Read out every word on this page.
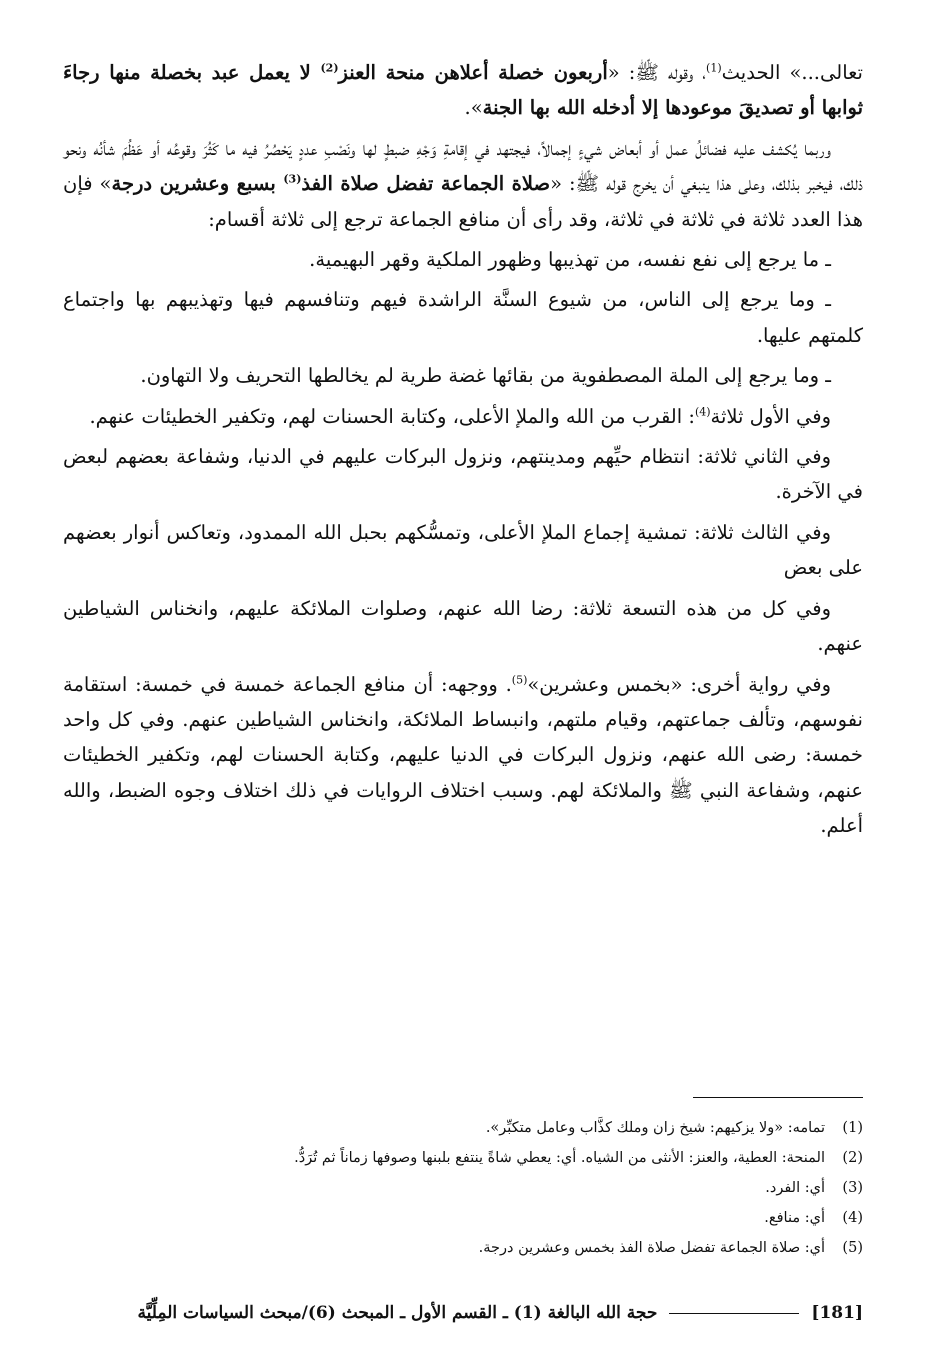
تعالى...» الحديث$^{(1)}$، وقوله ﷺ: «أربعون خصلة أعلاهن منحة العنز$^{(2)}$ لا يعمل عبد بخصلة منها رجاءَ ثوابها أو تصديقَ موعودها إلا أدخله الله بها الجنة».

وربما يُكشف عليه فضائلُ عمل أو أبعاض شيءٍ إجمالاً، فيجتهد في إقامةِ وَجْهِ ضبطٍ لها ونَصْبِ عددٍ يَحْصُرُ فيه ما كَثُرَ وقوعُه أو عَظُمَ شأنُه ونحو ذلك، فيخبر بذلك، وعلى هذا ينبغي أن يخرج قوله ﷺ: «صلاة الجماعة تفضل صلاة الفذ$^{(3)}$ بسبع وعشرين درجة» فإن هذا العدد ثلاثة في ثلاثة في ثلاثة، وقد رأى أن منافع الجماعة ترجع إلى ثلاثة أقسام:

ـ ما يرجع إلى نفع نفسه، من تهذيبها وظهور الملكية وقهر البهيمية.

ـ وما يرجع إلى الناس، من شيوع السنَّة الراشدة فيهم وتنافسهم فيها وتهذيبهم بها واجتماع كلمتهم عليها.

ـ وما يرجع إلى الملة المصطفوية من بقائها غضة طرية لم يخالطها التحريف ولا التهاون.

وفي الأول ثلاثة$^{(4)}$: القرب من الله والملإ الأعلى، وكتابة الحسنات لهم، وتكفير الخطيئات عنهم.

وفي الثاني ثلاثة: انتظام حيِّهم ومدينتهم، ونزول البركات عليهم في الدنيا، وشفاعة بعضهم لبعض في الآخرة.

وفي الثالث ثلاثة: تمشية إجماع الملإ الأعلى، وتمسُّكهم بحبل الله الممدود، وتعاكس أنوار بعضهم على بعض

وفي كل من هذه التسعة ثلاثة: رضا الله عنهم، وصلوات الملائكة عليهم، وانخناس الشياطين عنهم.

وفي رواية أخرى: «بخمس وعشرين»$^{(5)}$. ووجهه: أن منافع الجماعة خمسة في خمسة: استقامة نفوسهم، وتألف جماعتهم، وقيام ملتهم، وانبساط الملائكة، وانخناس الشياطين عنهم. وفي كل واحد خمسة: رضى الله عنهم، ونزول البركات في الدنيا عليهم، وكتابة الحسنات لهم، وتكفير الخطيئات عنهم، وشفاعة النبي ﷺ والملائكة لهم. وسبب اختلاف الروايات في ذلك اختلاف وجوه الضبط، والله أعلم.

(1)
تمامه: «ولا يزكيهم: شيخ زان وملك كذَّاب وعامل متكبِّر».
(2)
المنحة: العطية، والعنز: الأنثى من الشياه. أي: يعطي شاةً ينتفع بلبنها وصوفها زماناً ثم تُرَدُّ.
(3)
أي: الفرد.
(4)
أي: منافع.
(5)
أي: صلاة الجماعة تفضل صلاة الفذ بخمس وعشرين درجة.
[181]
حجة الله البالغة (1) ـ القسم الأول ـ المبحث (6)/مبحث السياسات المِلِّيَّة
